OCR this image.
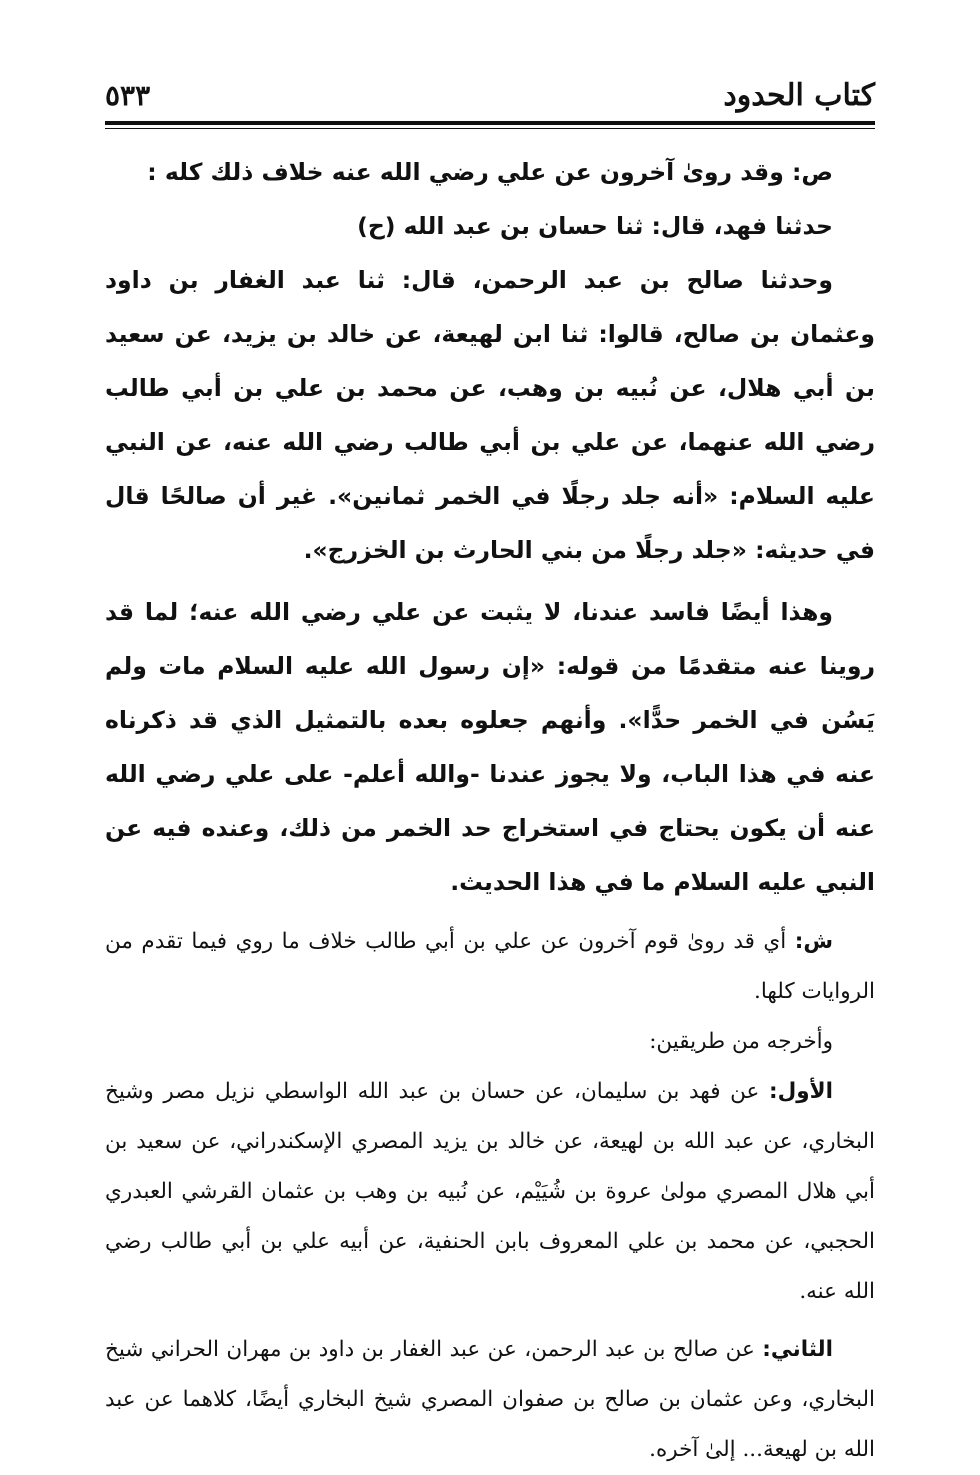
كتاب الحدود
٥٣٣

ص: وقد روىٰ آخرون عن علي رضي الله عنه خلاف ذلك كله :

حدثنا فهد، قال: ثنا حسان بن عبد الله (ح)

وحدثنا صالح بن عبد الرحمن، قال: ثنا عبد الغفار بن داود وعثمان بن صالح، قالوا: ثنا ابن لهيعة، عن خالد بن يزيد، عن سعيد بن أبي هلال، عن نُبيه بن وهب، عن محمد بن علي بن أبي طالب رضي الله عنهما، عن علي بن أبي طالب رضي الله عنه، عن النبي عليه السلام: «أنه جلد رجلًا في الخمر ثمانين». غير أن صالحًا قال في حديثه: «جلد رجلًا من بني الحارث بن الخزرج».

وهذا أيضًا فاسد عندنا، لا يثبت عن علي رضي الله عنه؛ لما قد روينا عنه متقدمًا من قوله: «إن رسول الله عليه السلام مات ولم يَسُن في الخمر حدًّا». وأنهم جعلوه بعده بالتمثيل الذي قد ذكرناه عنه في هذا الباب، ولا يجوز عندنا -والله أعلم- على علي رضي الله عنه أن يكون يحتاج في استخراج حد الخمر من ذلك، وعنده فيه عن النبي عليه السلام ما في هذا الحديث.

ش: أي قد روىٰ قوم آخرون عن علي بن أبي طالب خلاف ما روي فيما تقدم من الروايات كلها.

وأخرجه من طريقين:

الأول: عن فهد بن سليمان، عن حسان بن عبد الله الواسطي نزيل مصر وشيخ البخاري، عن عبد الله بن لهيعة، عن خالد بن يزيد المصري الإسكندراني، عن سعيد بن أبي هلال المصري مولىٰ عروة بن شُيَيْم، عن نُبيه بن وهب بن عثمان القرشي العبدري الحجبي، عن محمد بن علي المعروف بابن الحنفية، عن أبيه علي بن أبي طالب رضي الله عنه.

الثاني: عن صالح بن عبد الرحمن، عن عبد الغفار بن داود بن مهران الحراني شيخ البخاري، وعن عثمان بن صالح بن صفوان المصري شيخ البخاري أيضًا، كلاهما عن عبد الله بن لهيعة... إلىٰ آخره.
